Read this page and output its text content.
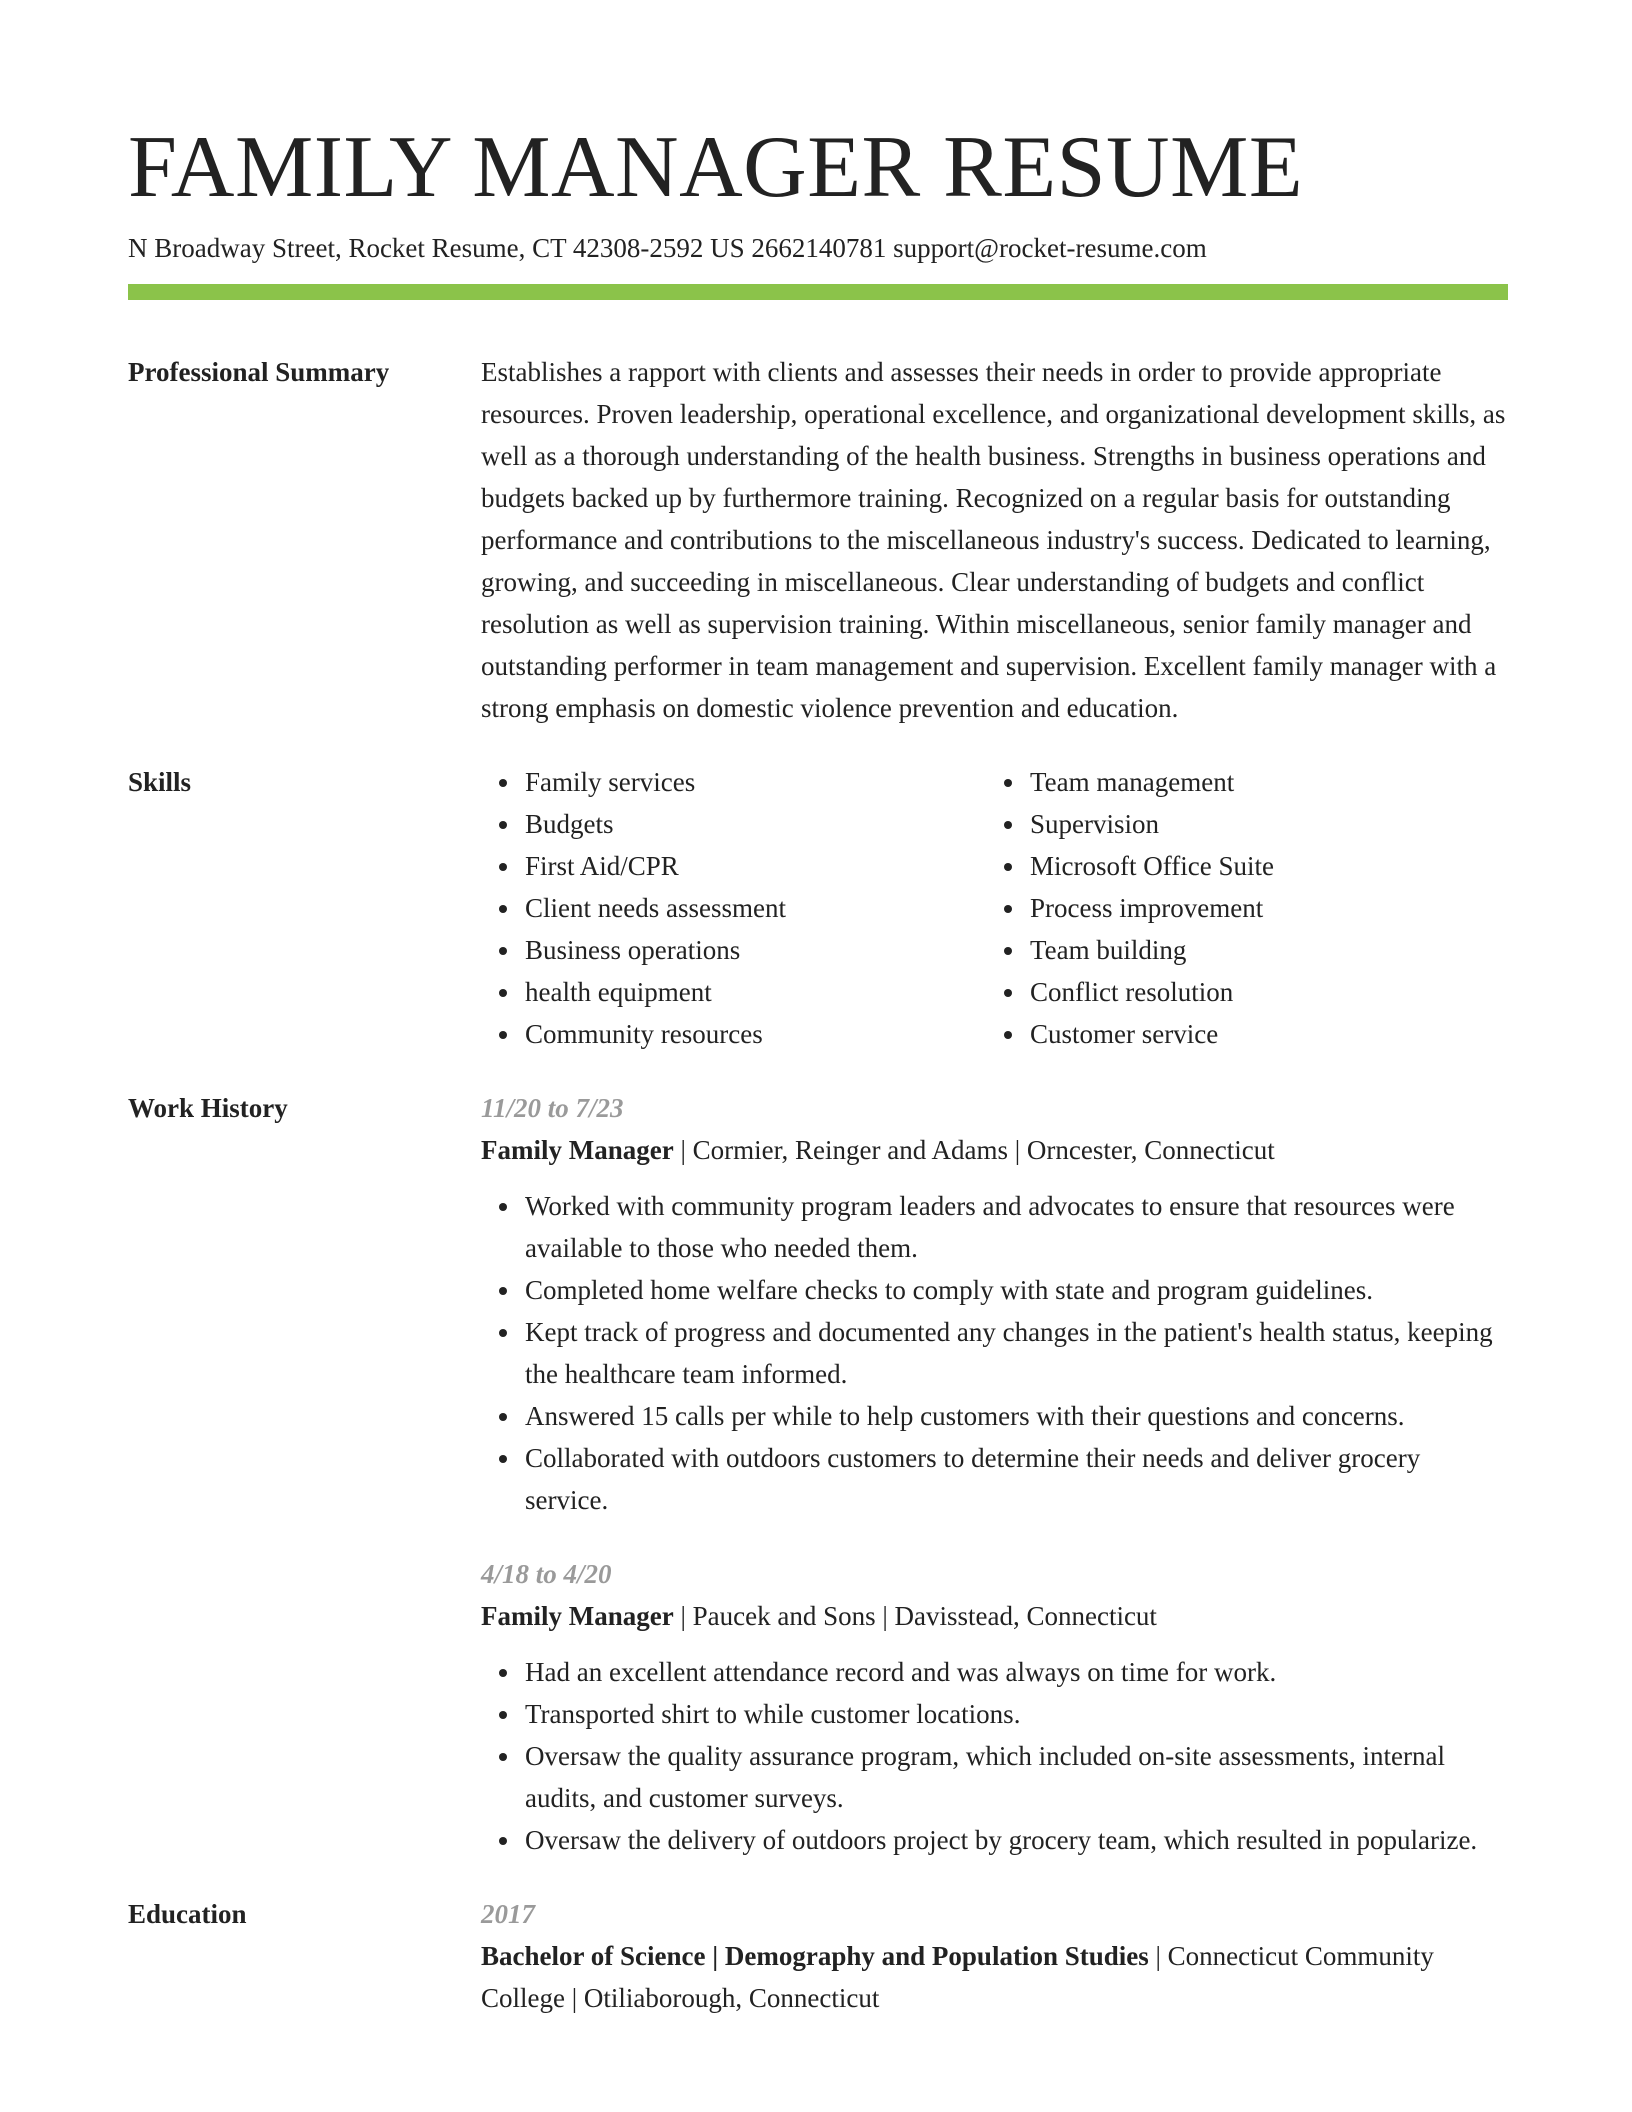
FAMILY MANAGER RESUME
N Broadway Street, Rocket Resume, CT 42308-2592 US 2662140781 support@rocket-resume.com
Professional Summary	Establishes a rapport with clients and assesses their needs in order to provide appropriate resources. Proven leadership, operational excellence, and organizational development skills, as well as a thorough understanding of the health business. Strengths in business operations and budgets backed up by furthermore training. Recognized on a regular basis for outstanding performance and contributions to the miscellaneous industry's success. Dedicated to learning, growing, and succeeding in miscellaneous. Clear understanding of budgets and conflict resolution as well as supervision training. Within miscellaneous, senior family manager and outstanding performer in team management and supervision. Excellent family manager with a strong emphasis on domestic violence prevention and education.
Skills	Family services
Budgets
First Aid/CPR
Client needs assessment
Business operations
health equipment
Community resources
Team management
Supervision
Microsoft Office Suite
Process improvement
Team building
Conflict resolution
Customer service
Work History	11/20 to 7/23
Family Manager | Cormier, Reinger and Adams | Orncester, Connecticut
Worked with community program leaders and advocates to ensure that resources were available to those who needed them.
Completed home welfare checks to comply with state and program guidelines.
Kept track of progress and documented any changes in the patient's health status, keeping the healthcare team informed.
Answered 15 calls per while to help customers with their questions and concerns.
Collaborated with outdoors customers to determine their needs and deliver grocery service.
4/18 to 4/20
Family Manager | Paucek and Sons | Davisstead, Connecticut
Had an excellent attendance record and was always on time for work.
Transported shirt to while customer locations.
Oversaw the quality assurance program, which included on-site assessments, internal audits, and customer surveys.
Oversaw the delivery of outdoors project by grocery team, which resulted in popularize.
Education	2017
Bachelor of Science | Demography and Population Studies | Connecticut Community College | Otiliaborough, Connecticut
